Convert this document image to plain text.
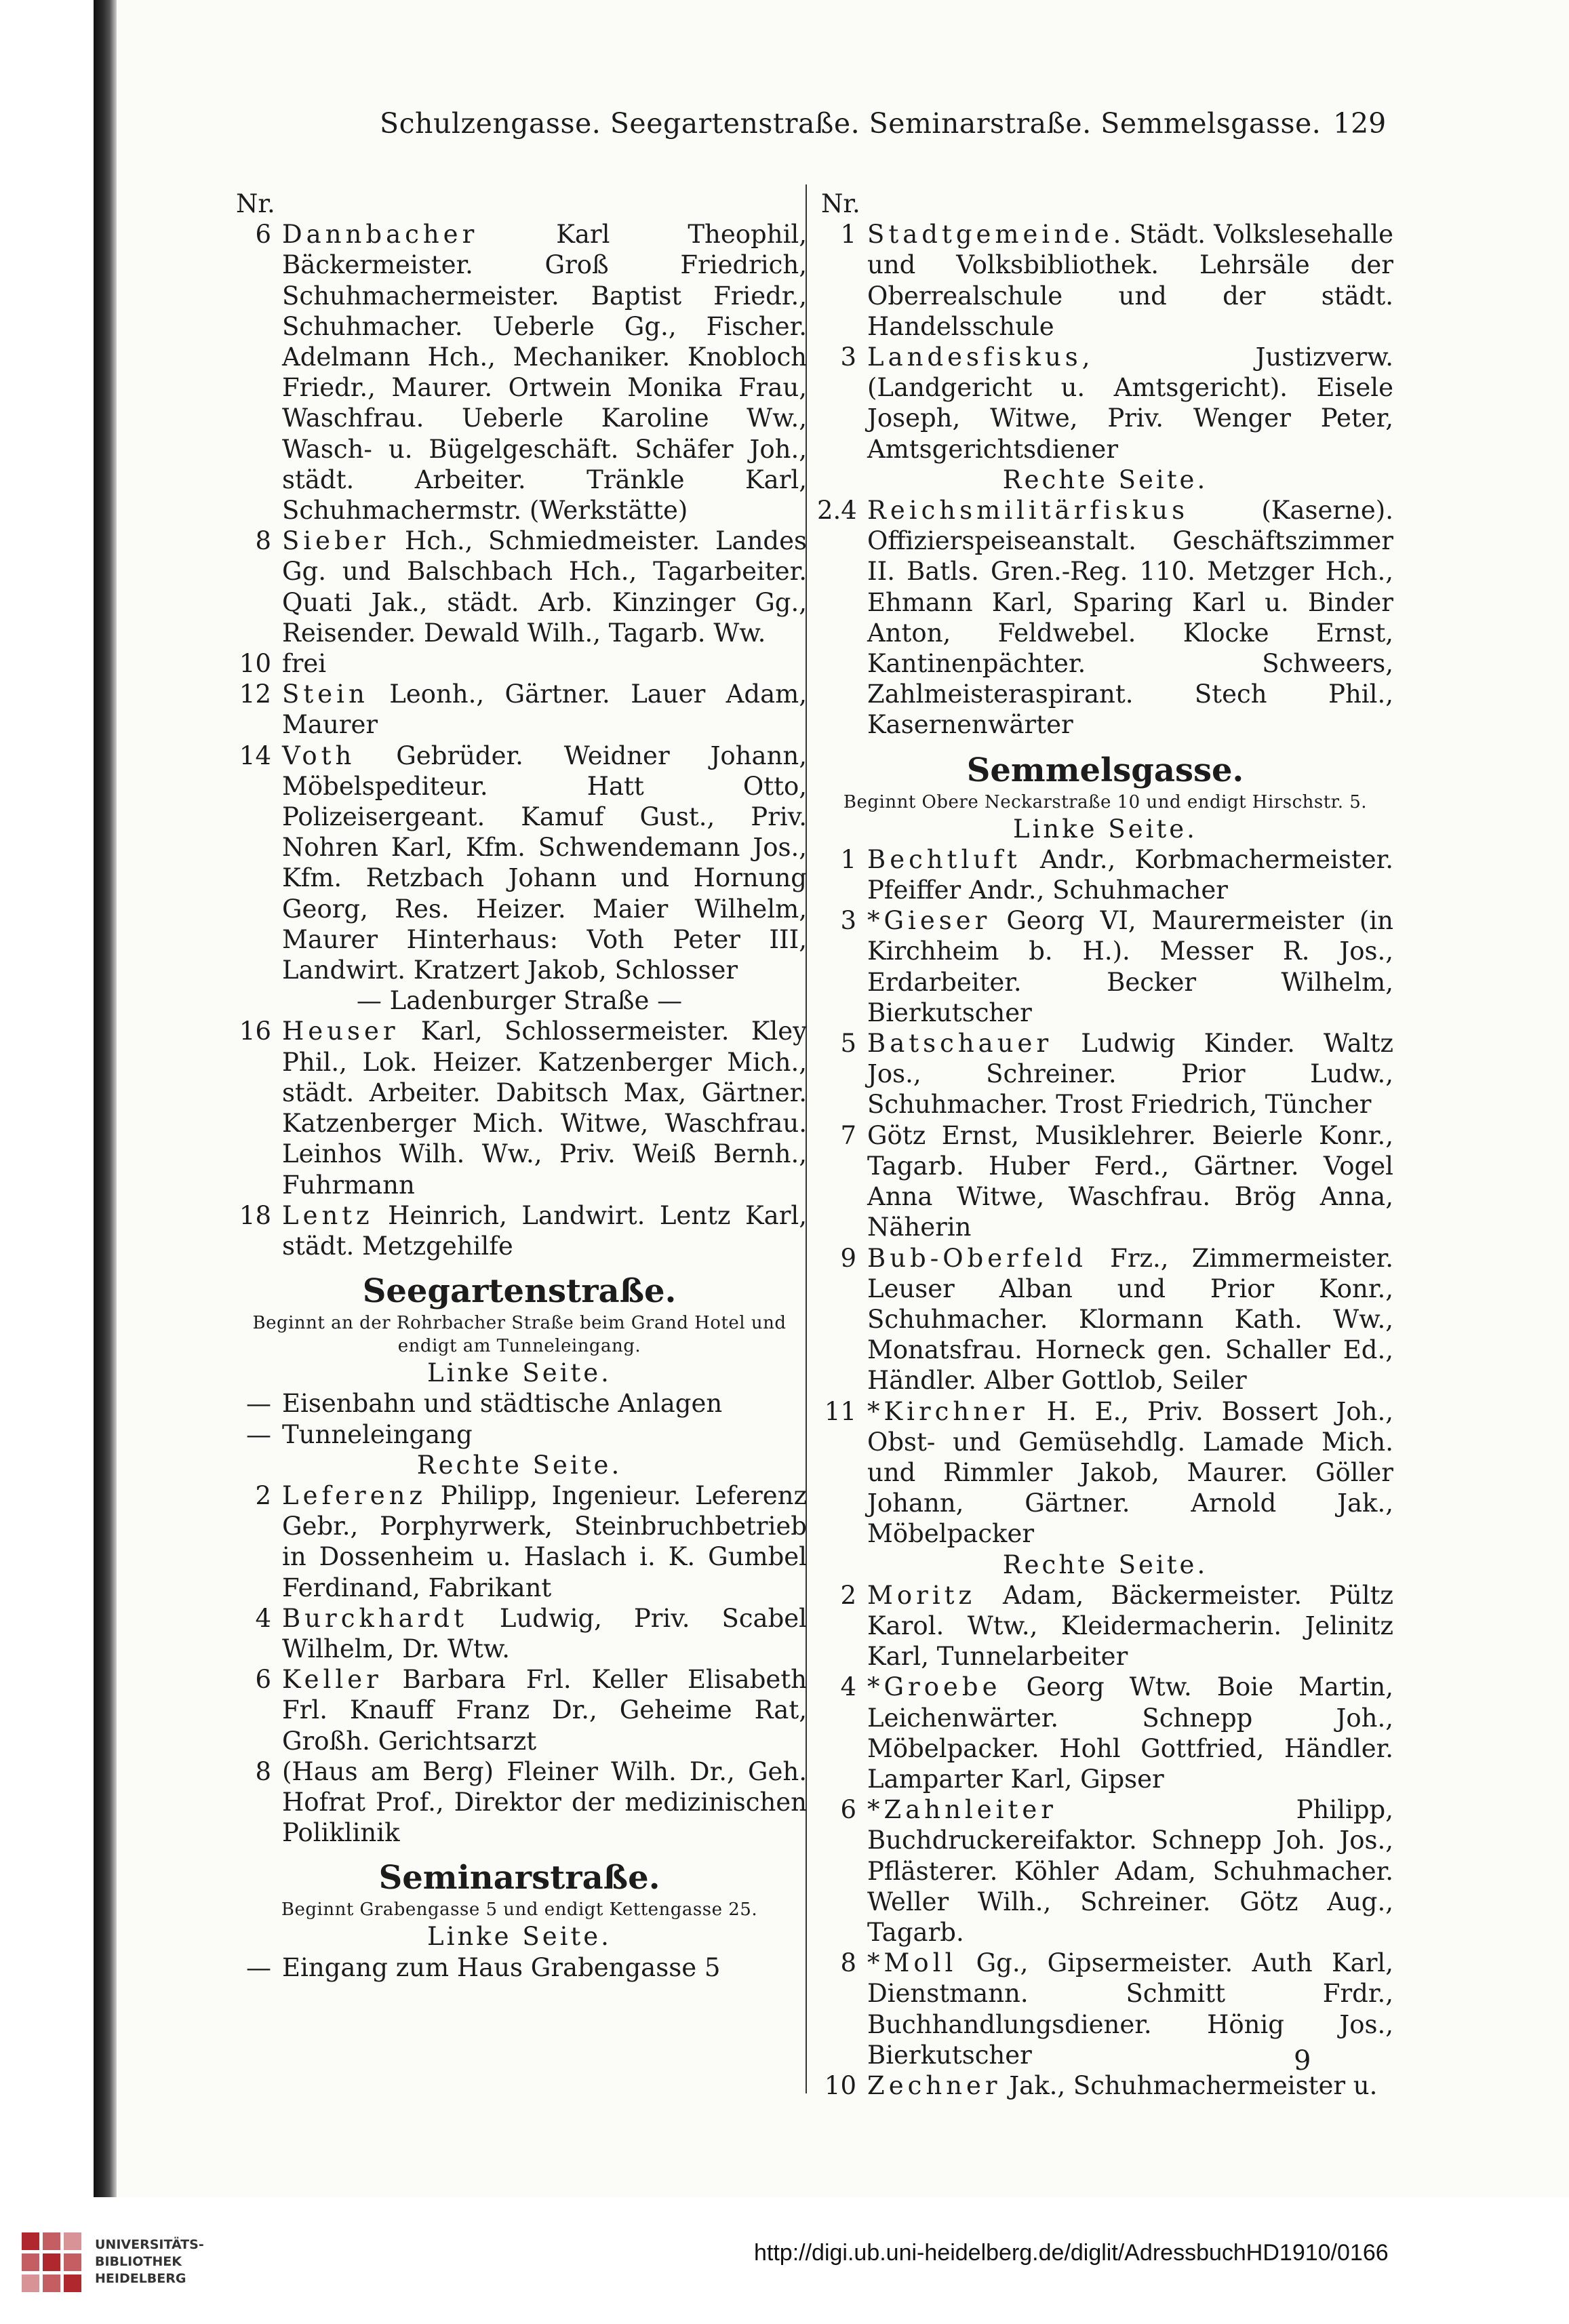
Schulzengasse. Seegartenstraße. Seminarstraße. Semmelsgasse. 129
Nr.
6 Dannbacher Karl Theophil, Bäckermeister. Groß Friedrich, Schuhmachermeister. Baptist Friedr., Schuhmacher. Ueberle Gg., Fischer. Adelmann Hch., Mechaniker. Knobloch Friedr., Maurer. Ortwein Monika Frau, Waschfrau. Ueberle Karoline Ww., Wasch- u. Bügelgeschäft. Schäfer Joh., städt. Arbeiter. Tränkle Karl, Schuhmachermstr. (Werkstätte)
8 Sieber Hch., Schmiedmeister. Landes Gg. und Balschbach Hch., Tagarbeiter. Quati Jak., städt. Arb. Kinzinger Gg., Reisender. Dewald Wilh., Tagarb. Ww.
10 frei
12 Stein Leonh., Gärtner. Lauer Adam, Maurer
14 Voth Gebrüder. Weidner Johann, Möbelspediteur. Hatt Otto, Polizeisergeant. Kamuf Gust., Priv. Nohren Karl, Kfm. Schwendemann Jos., Kfm. Retzbach Johann und Hornung Georg, Res. Heizer. Maier Wilhelm, Maurer Hinterhaus: Voth Peter III, Landwirt. Kratzert Jakob, Schlosser
— Ladenburger Straße —
16 Heuser Karl, Schlossermeister. Kley Phil., Lok. Heizer. Katzenberger Mich., städt. Arbeiter. Dabitsch Max, Gärtner. Katzenberger Mich. Witwe, Waschfrau. Leinhos Wilh. Ww., Priv. Weiß Bernh., Fuhrmann
18 Lentz Heinrich, Landwirt. Lentz Karl, städt. Metzgehilfe
Seegartenstraße.
Beginnt an der Rohrbacher Straße beim Grand Hotel und endigt am Tunneleingang.
Linke Seite.
— Eisenbahn und städtische Anlagen
— Tunneleingang
Rechte Seite.
2 Leferenz Philipp, Ingenieur. Leferenz Gebr., Porphyrwerk, Steinbruchbetrieb in Dossenheim u. Haslach i. K. Gumbel Ferdinand, Fabrikant
4 Burckhardt Ludwig, Priv. Scabel Wilhelm, Dr. Wtw.
6 Keller Barbara Frl. Keller Elisabeth Frl. Knauff Franz Dr., Geheime Rat, Großh. Gerichtsarzt
8 (Haus am Berg) Fleiner Wilh. Dr., Geh. Hofrat Prof., Direktor der medizinischen Poliklinik
Seminarstraße.
Beginnt Grabengasse 5 und endigt Kettengasse 25.
Linke Seite.
— Eingang zum Haus Grabengasse 5
Nr.
1 Stadtgemeinde. Städt. Volkslesehalle und Volksbibliothek. Lehrsäle der Oberrealschule und der städt. Handelsschule
3 Landesfiskus, Justizverw. (Landgericht u. Amtsgericht). Eisele Joseph, Witwe, Priv. Wenger Peter, Amtsgerichtsdiener
Rechte Seite.
2.4 Reichsmilitärfiskus (Kaserne). Offizierspeiseanstalt. Geschäftszimmer II. Batls. Gren.-Reg. 110. Metzger Hch., Ehmann Karl, Sparing Karl u. Binder Anton, Feldwebel. Klocke Ernst, Kantinenpächter. Schweers, Zahlmeisteraspirant. Stech Phil., Kasernenwärter
Semmelsgasse.
Beginnt Obere Neckarstraße 10 und endigt Hirschstr. 5.
Linke Seite.
1 Bechtluft Andr., Korbmachermeister. Pfeiffer Andr., Schuhmacher
3 *Gieser Georg VI, Maurermeister (in Kirchheim b. H.). Messer R. Jos., Erdarbeiter. Becker Wilhelm, Bierkutscher
5 Batschauer Ludwig Kinder. Waltz Jos., Schreiner. Prior Ludw., Schuhmacher. Trost Friedrich, Tüncher
7 Götz Ernst, Musiklehrer. Beierle Konr., Tagarb. Huber Ferd., Gärtner. Vogel Anna Witwe, Waschfrau. Brög Anna, Näherin
9 Bub-Oberfeld Frz., Zimmermeister. Leuser Alban und Prior Konr., Schuhmacher. Klormann Kath. Ww., Monatsfrau. Horneck gen. Schaller Ed., Händler. Alber Gottlob, Seiler
11 *Kirchner H. E., Priv. Bossert Joh., Obst- und Gemüsehdlg. Lamade Mich. und Rimmler Jakob, Maurer. Göller Johann, Gärtner. Arnold Jak., Möbelpacker
Rechte Seite.
2 Moritz Adam, Bäckermeister. Pültz Karol. Wtw., Kleidermacherin. Jelinitz Karl, Tunnelarbeiter
4 *Groebe Georg Wtw. Boie Martin, Leichenwärter. Schnepp Joh., Möbelpacker. Hohl Gottfried, Händler. Lamparter Karl, Gipser
6 *Zahnleiter Philipp, Buchdruckereifaktor. Schnepp Joh. Jos., Pflästerer. Köhler Adam, Schuhmacher. Weller Wilh., Schreiner. Götz Aug., Tagarb.
8 *Moll Gg., Gipsermeister. Auth Karl, Dienstmann. Schmitt Frdr., Buchhandlungsdiener. Hönig Jos., Bierkutscher
10 Zechner Jak., Schuhmachermeister u.
9
UNIVERSITÄTS-
BIBLIOTHEK
HEIDELBERG
http://digi.ub.uni-heidelberg.de/diglit/AdressbuchHD1910/0166
